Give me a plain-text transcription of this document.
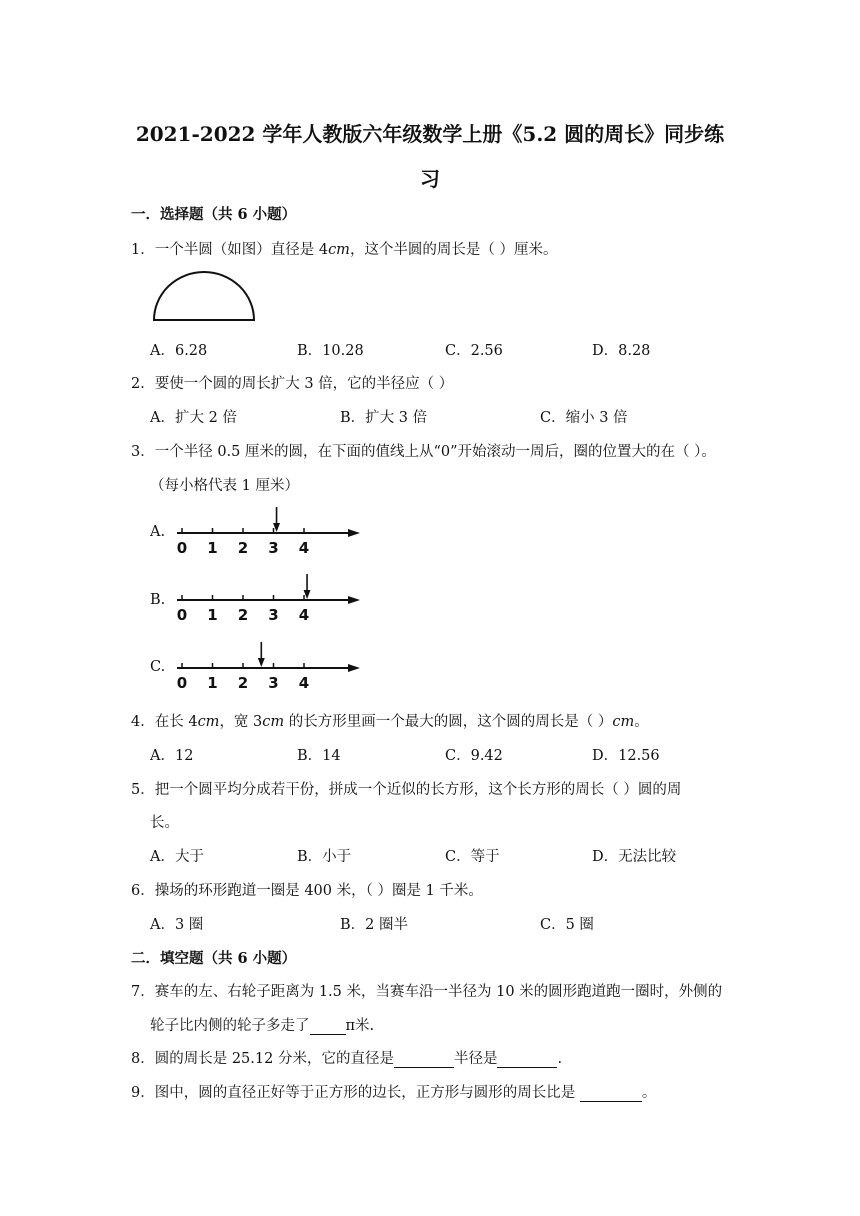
2021-2022 学年人教版六年级数学上册《5.2 圆的周长》同步练
习
一．选择题（共 6 小题）
1．一个半圆（如图）直径是 4cm，这个半圆的周长是（ ）厘米。
A．6.28	B．10.28	C．2.56	D．8.28
2．要使一个圆的周长扩大 3 倍，它的半径应（ ）
A．扩大 2 倍	B．扩大 3 倍	C．缩小 3 倍
3．一个半径 0.5 厘米的圆，在下面的值线上从“0”开始滚动一周后，圈的位置大的在（ ）。
（每小格代表 1 厘米）
A.
0 1 2 3 4
B.
0 1 2 3 4
C.
0 1 2 3 4
4．在长 4cm，宽 3cm 的长方形里画一个最大的圆，这个圆的周长是（ ）cm。
A．12	B．14	C．9.42	D．12.56
5．把一个圆平均分成若干份，拼成一个近似的长方形，这个长方形的周长（ ）圆的周
长。
A．大于	B．小于	C．等于	D．无法比较
6．操场的环形跑道一圈是 400 米，（ ）圈是 1 千米。
A．3 圈	B．2 圈半	C．5 圈
二．填空题（共 6 小题）
7．赛车的左、右轮子距离为 1.5 米，当赛车沿一半径为 10 米的圆形跑道跑一圈时，外侧的
轮子比内侧的轮子多走了 π米.
8．圆的周长是 25.12 分米，它的直径是	半径是	.
9．图中，圆的直径正好等于正方形的边长，正方形与圆形的周长比是	。
